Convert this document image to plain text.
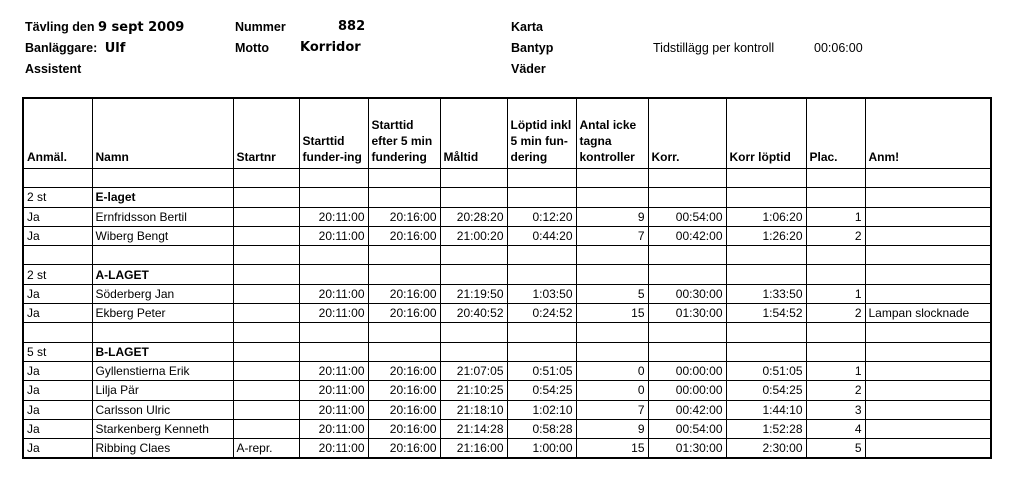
Tävling den 9 sept 2009
Banläggare: Ulf
Assistent
Nummer	882
Motto Korridor
Karta
Bantyp
Väder
Tidstillägg per kontroll	00:06:00
Anmäl.	Namn	Startnr	Starttid funder-ing	Starttid efter 5 min fundering	Måltid	Löptid inkl 5 min fun-dering	Antal icke tagna kontroller	Korr.	Korr löptid	Plac.	Anm!

2 st	E-laget										
Ja	Ernfridsson Bertil		20:11:00	20:16:00	20:28:20	0:12:20	9	00:54:00	1:06:20	1	
Ja	Wiberg Bengt		20:11:00	20:16:00	21:00:20	0:44:20	7	00:42:00	1:26:20	2	

2 st	A-LAGET										
Ja	Söderberg Jan		20:11:00	20:16:00	21:19:50	1:03:50	5	00:30:00	1:33:50	1	
Ja	Ekberg Peter		20:11:00	20:16:00	20:40:52	0:24:52	15	01:30:00	1:54:52	2	Lampan slocknade

5 st	B-LAGET										
Ja	Gyllenstierna Erik		20:11:00	20:16:00	21:07:05	0:51:05	0	00:00:00	0:51:05	1	
Ja	Lilja Pär		20:11:00	20:16:00	21:10:25	0:54:25	0	00:00:00	0:54:25	2	
Ja	Carlsson Ulric		20:11:00	20:16:00	21:18:10	1:02:10	7	00:42:00	1:44:10	3	
Ja	Starkenberg Kenneth		20:11:00	20:16:00	21:14:28	0:58:28	9	00:54:00	1:52:28	4	
Ja	Ribbing Claes	A-repr.	20:11:00	20:16:00	21:16:00	1:00:00	15	01:30:00	2:30:00	5	
